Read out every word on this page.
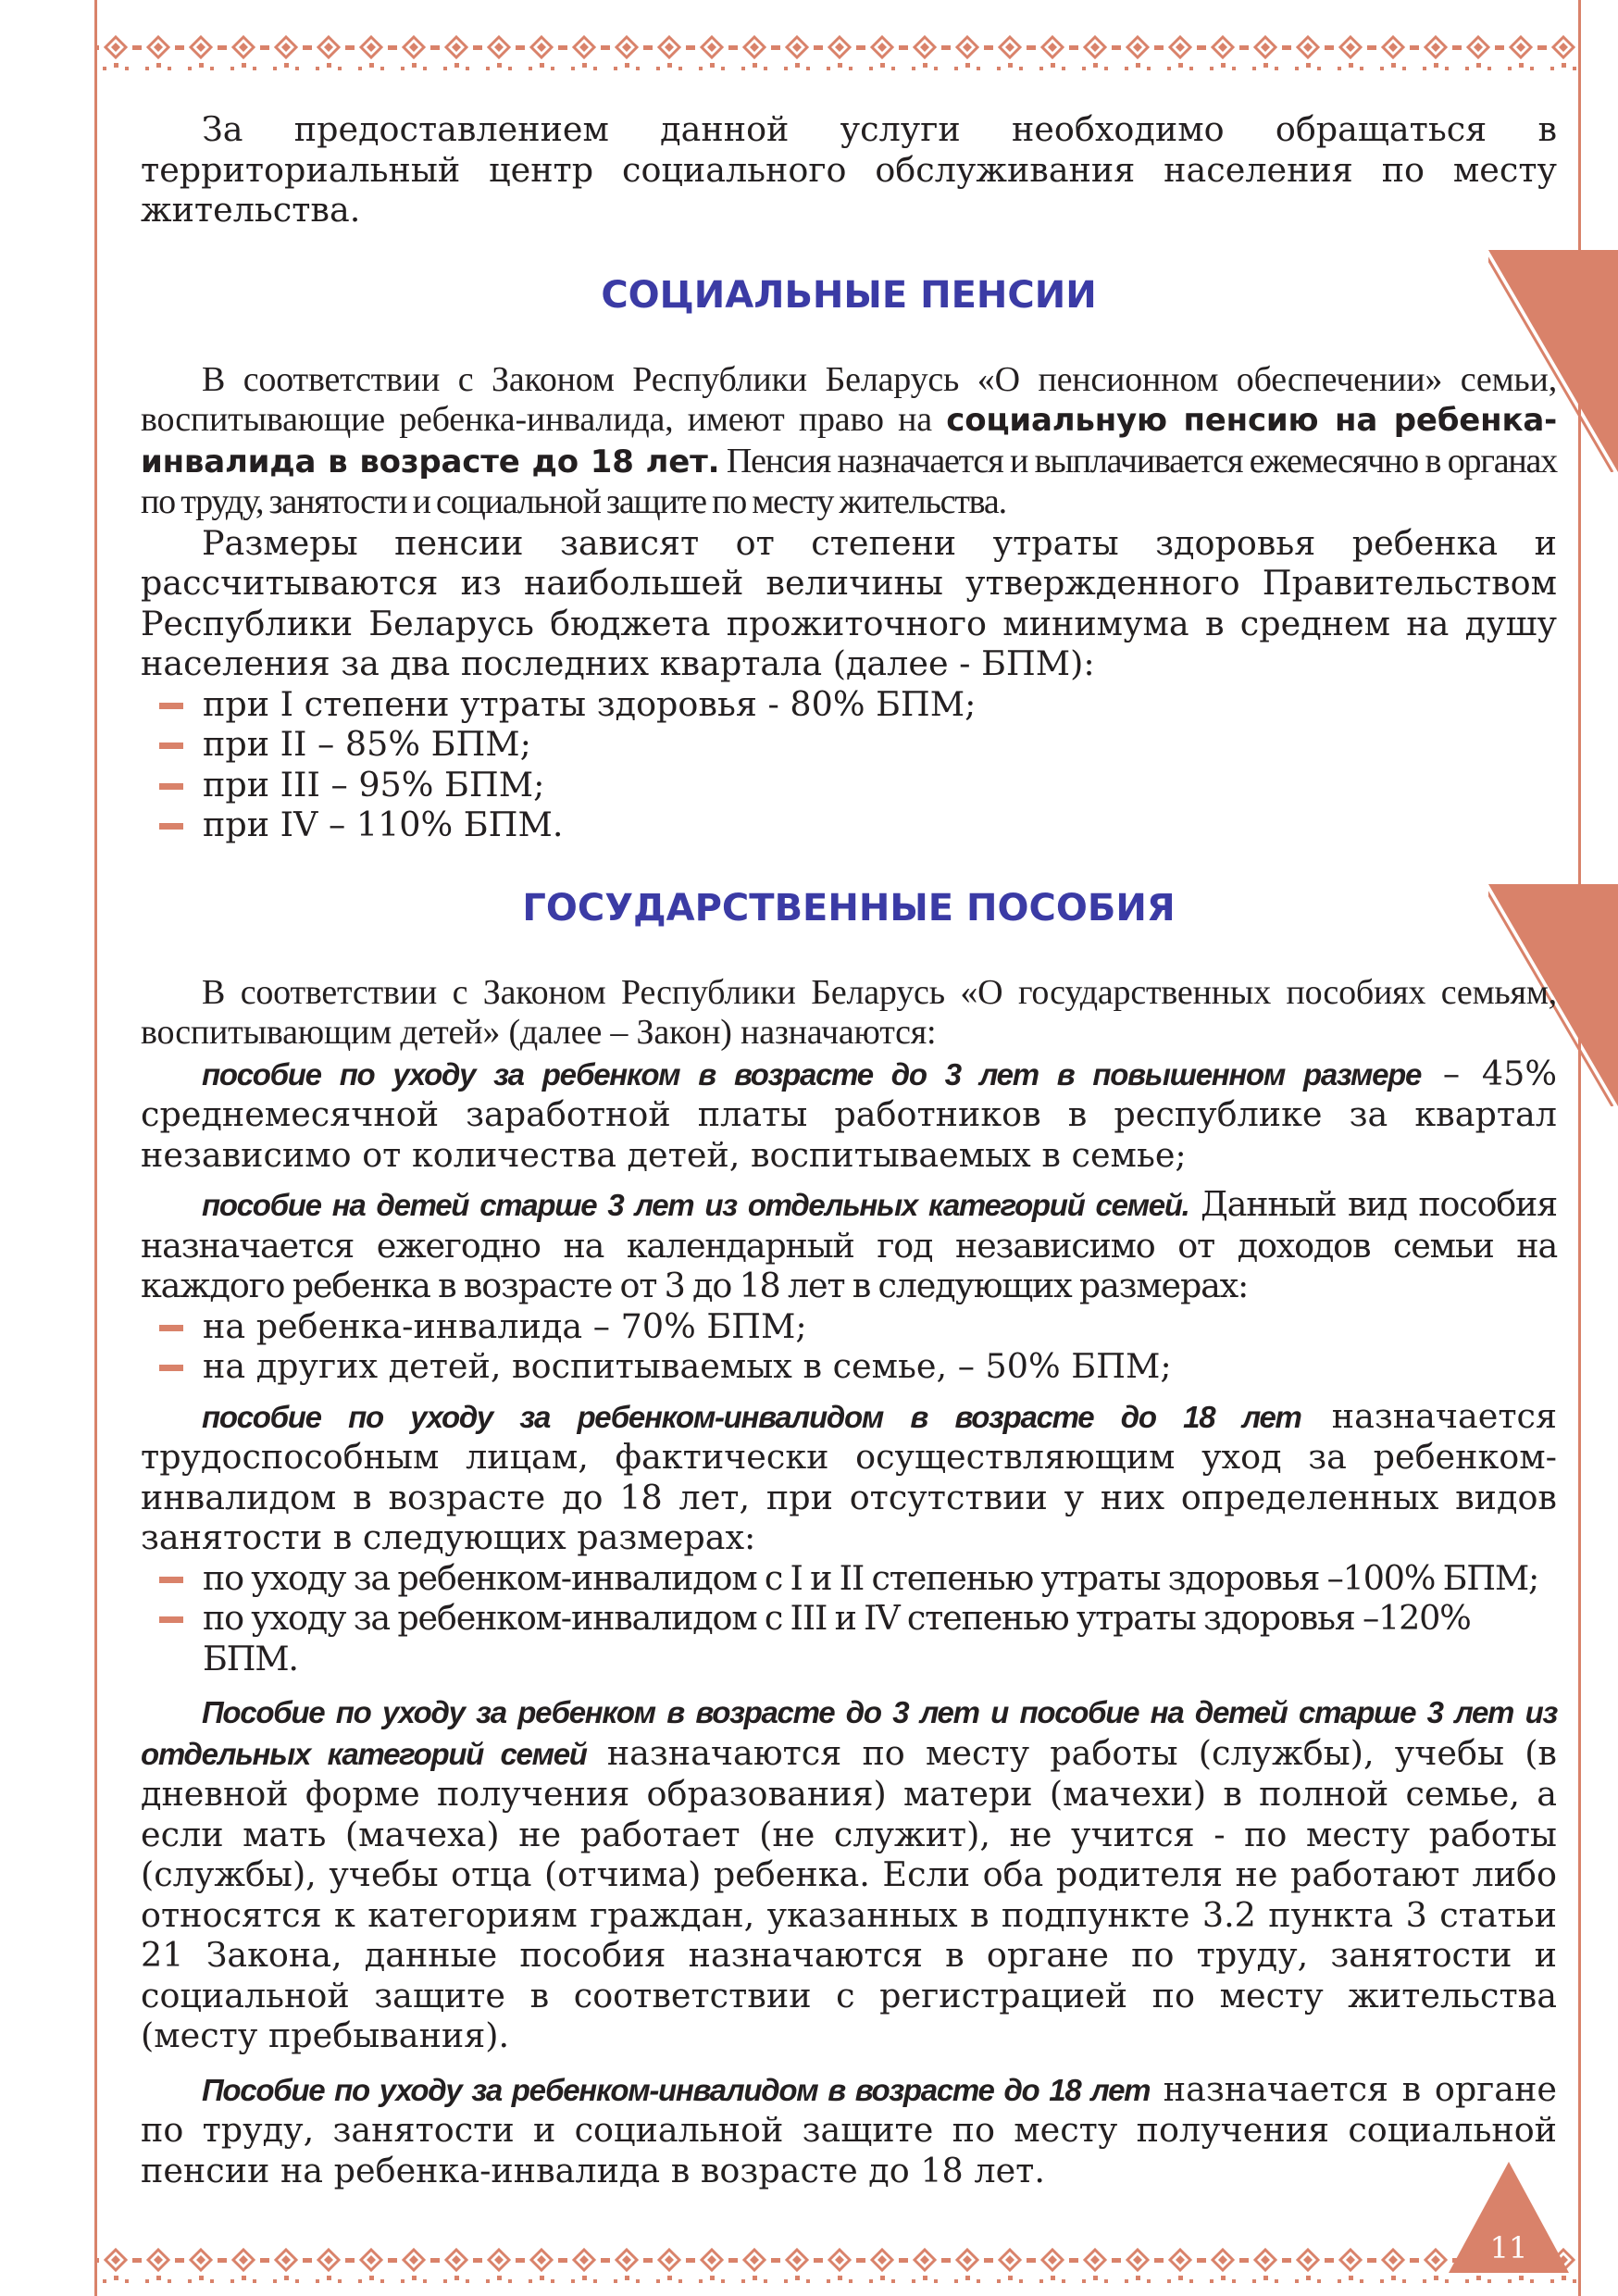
11

За предоставлением данной услуги необходимо обращаться в территориальный центр социального обслуживания населения по месту жительства.

СОЦИАЛЬНЫЕ ПЕНСИИ

В соответствии с Законом Республики Беларусь «О пенсионном обеспечении» семьи, воспитывающие ребенка-инвалида, имеют право на социальную пенсию на ребенка-инвалида в возрасте до 18 лет. Пенсия назначается и выплачивается ежемесячно в органах по труду, занятости и социальной защите по месту жительства.

Размеры пенсии зависят от степени утраты здоровья ребенка и рассчитываются из наибольшей величины утвержденного Правительством Республики Беларусь бюджета прожиточного минимума в среднем на душу населения за два последних квартала (далее - БПМ):

при I степени утраты здоровья - 80% БПМ;
при II – 85% БПМ;
при III – 95% БПМ;
при IV – 110% БПМ.
ГОСУДАРСТВЕННЫЕ ПОСОБИЯ

В соответствии с Законом Республики Беларусь «О государственных пособиях семьям, воспитывающим детей» (далее – Закон) назначаются:

пособие по уходу за ребенком в возрасте до 3 лет в повышенном размере – 45% среднемесячной заработной платы работников в республике за квартал независимо от количества детей, воспитываемых в семье;

пособие на детей старше 3 лет из отдельных категорий семей. Данный вид пособия назначается ежегодно на календарный год независимо от доходов семьи на каждого ребенка в возрасте от 3 до 18 лет в следующих размерах:

на ребенка-инвалида – 70% БПМ;
на других детей, воспитываемых в семье, – 50% БПМ;

пособие по уходу за ребенком-инвалидом в возрасте до 18 лет назначается трудоспособным лицам, фактически осуществляющим уход за ребенком-инвалидом в возрасте до 18 лет, при отсутствии у них определенных видов занятости в следующих размерах:

по уходу за ребенком-инвалидом с I и II степенью утраты здоровья –100% БПМ;
по уходу за ребенком-инвалидом с III и IV степенью утраты здоровья –120% БПМ.

Пособие по уходу за ребенком в возрасте до 3 лет и пособие на детей старше 3 лет из отдельных категорий семей назначаются по месту работы (службы), учебы (в дневной форме получения образования) матери (мачехи) в полной семье, а если мать (мачеха) не работает (не служит), не учится - по месту работы (службы), учебы отца (отчима) ребенка. Если оба родителя не работают либо относятся к категориям граждан, указанных в подпункте 3.2 пункта 3 статьи 21 Закона, данные пособия назначаются в органе по труду, занятости и социальной защите в соответствии с регистрацией по месту жительства (месту пребывания).

Пособие по уходу за ребенком-инвалидом в возрасте до 18 лет назначается в органе по труду, занятости и социальной защите по месту получения социальной пенсии на ребенка-инвалида в возрасте до 18 лет.
